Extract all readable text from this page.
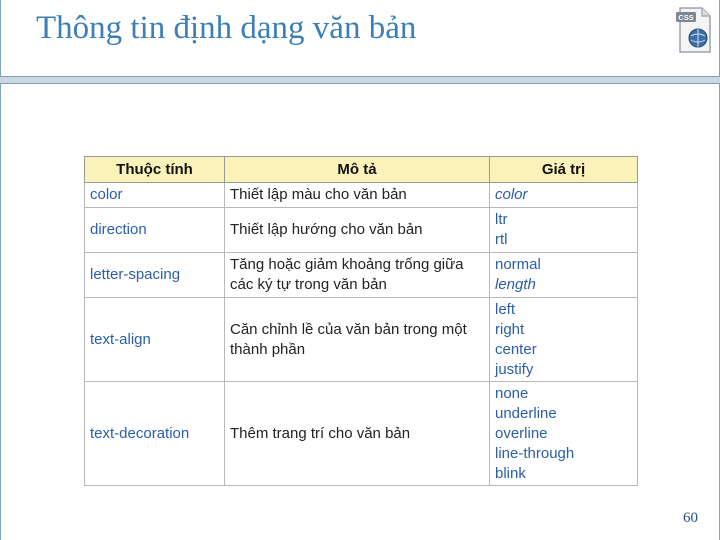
Thông tin định dạng văn bản	CSS
Thuộc tính	Mô tả	Giá trị
color	Thiết lập màu cho văn bản	color

direction	Thiết lập hướng cho văn bản	ltr
rtl

letter-spacing	Tăng hoặc giảm khoảng trống giữa các ký tự trong văn bản	normal
length

text-align	Căn chỉnh lề của văn bản trong một thành phần	left
right
center
justify

text-decoration	Thêm trang trí cho văn bản	none
underline
overline
line-through
blink
60
